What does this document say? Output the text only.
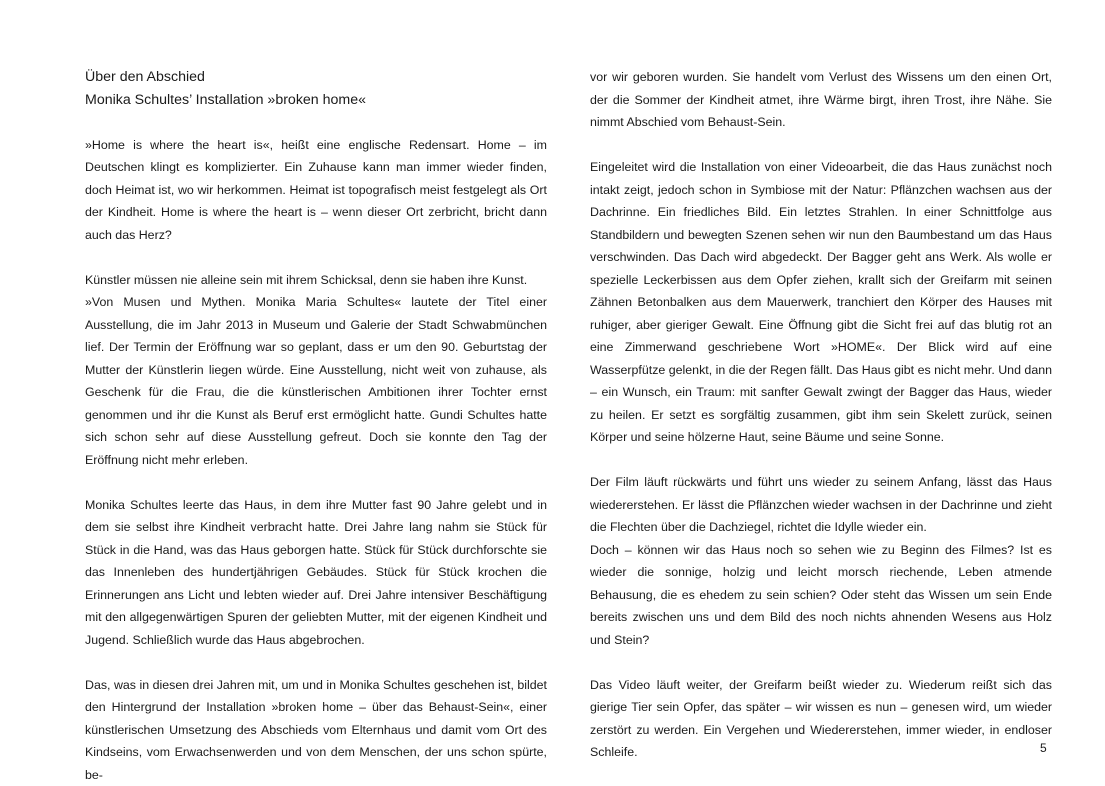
Über den Abschied
Monika Schultes’ Installation »broken home«

»Home is where the heart is«, heißt eine englische Redensart. Home – im Deutschen klingt es komplizierter. Ein Zuhause kann man immer wieder finden, doch Heimat ist, wo wir herkommen. Heimat ist topografisch meist festgelegt als Ort der Kindheit. Home is where the heart is – wenn dieser Ort zerbricht, bricht dann auch das Herz?

Künstler müssen nie alleine sein mit ihrem Schicksal, denn sie haben ihre Kunst.

»Von Musen und Mythen. Monika Maria Schultes« lautete der Titel einer Ausstellung, die im Jahr 2013 in Museum und Galerie der Stadt Schwabmünchen lief. Der Termin der Eröffnung war so geplant, dass er um den 90. Geburtstag der Mutter der Künstlerin liegen würde. Eine Ausstellung, nicht weit von zuhause, als Geschenk für die Frau, die die künstlerischen Ambitionen ihrer Tochter ernst genommen und ihr die Kunst als Beruf erst ermöglicht hatte. Gundi Schultes hatte sich schon sehr auf diese Ausstellung gefreut. Doch sie konnte den Tag der Eröffnung nicht mehr erleben.

Monika Schultes leerte das Haus, in dem ihre Mutter fast 90 Jahre gelebt und in dem sie selbst ihre Kindheit verbracht hatte. Drei Jahre lang nahm sie Stück für Stück in die Hand, was das Haus geborgen hatte. Stück für Stück durchforschte sie das Innenleben des hundertjährigen Gebäudes. Stück für Stück krochen die Erinnerungen ans Licht und lebten wieder auf. Drei Jahre intensiver Beschäftigung mit den allgegenwärtigen Spuren der geliebten Mutter, mit der eigenen Kindheit und Jugend. Schließlich wurde das Haus abgebrochen.

Das, was in diesen drei Jahren mit, um und in Monika Schultes geschehen ist, bildet den Hintergrund der Installation »broken home – über das Behaust-Sein«, einer künstlerischen Umsetzung des Abschieds vom Elternhaus und damit vom Ort des Kindseins, vom Erwachsenwerden und von dem Menschen, der uns schon spürte, be-

vor wir geboren wurden. Sie handelt vom Verlust des Wissens um den einen Ort, der die Sommer der Kindheit atmet, ihre Wärme birgt, ihren Trost, ihre Nähe. Sie nimmt Abschied vom Behaust-Sein.

Eingeleitet wird die Installation von einer Videoarbeit, die das Haus zunächst noch intakt zeigt, jedoch schon in Symbiose mit der Natur: Pflänzchen wachsen aus der Dachrinne. Ein friedliches Bild. Ein letztes Strahlen. In einer Schnittfolge aus Standbildern und bewegten Szenen sehen wir nun den Baumbestand um das Haus verschwinden. Das Dach wird abgedeckt. Der Bagger geht ans Werk. Als wolle er spezielle Leckerbissen aus dem Opfer ziehen, krallt sich der Greifarm mit seinen Zähnen Betonbalken aus dem Mauerwerk, tranchiert den Körper des Hauses mit ruhiger, aber gieriger Gewalt. Eine Öffnung gibt die Sicht frei auf das blutig rot an eine Zimmerwand geschriebene Wort »HOME«. Der Blick wird auf eine Wasserpfütze gelenkt, in die der Regen fällt. Das Haus gibt es nicht mehr. Und dann – ein Wunsch, ein Traum: mit sanfter Gewalt zwingt der Bagger das Haus, wieder zu heilen. Er setzt es sorgfältig zusammen, gibt ihm sein Skelett zurück, seinen Körper und seine hölzerne Haut, seine Bäume und seine Sonne.

Der Film läuft rückwärts und führt uns wieder zu seinem Anfang, lässt das Haus wiedererstehen. Er lässt die Pflänzchen wieder wachsen in der Dachrinne und zieht die Flechten über die Dachziegel, richtet die Idylle wieder ein.

Doch – können wir das Haus noch so sehen wie zu Beginn des Filmes? Ist es wieder die sonnige, holzig und leicht morsch riechende, Leben atmende Behausung, die es ehedem zu sein schien? Oder steht das Wissen um sein Ende bereits zwischen uns und dem Bild des noch nichts ahnenden Wesens aus Holz und Stein?

Das Video läuft weiter, der Greifarm beißt wieder zu. Wiederum reißt sich das gierige Tier sein Opfer, das später – wir wissen es nun – genesen wird, um wieder zerstört zu werden. Ein Vergehen und Wiedererstehen, immer wieder, in endloser Schleife.	5
